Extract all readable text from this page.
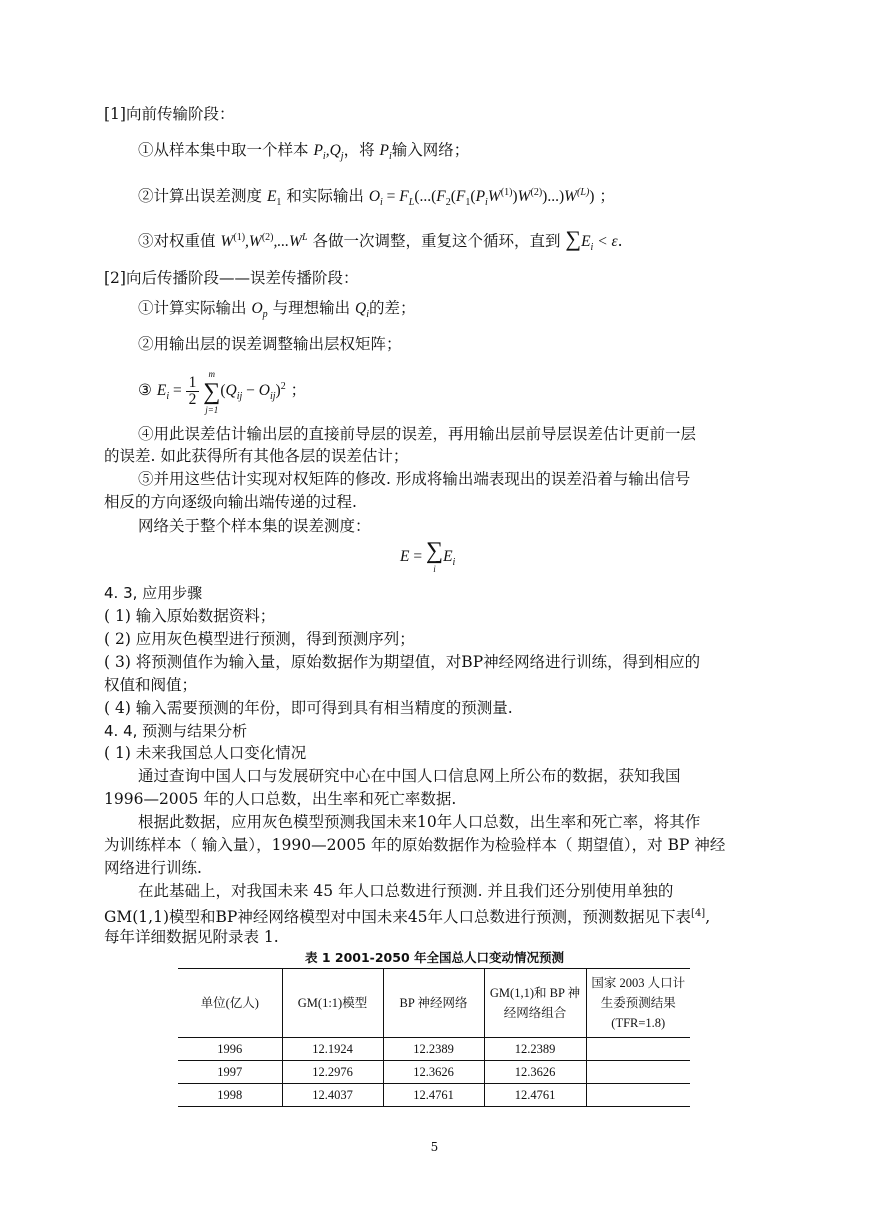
[1]向前传输阶段：
①从样本集中取一个样本 $P_i,Q_j$，将 $P_i$输入网络；
②计算出误差测度 $E_1$ 和实际输出 $O_i = F_L(...(F_2(F_1(P_iW^{(1)})W^{(2)})...)W^{(L)})$ ；
③对权重值 $W^{(1)},W^{(2)},...W^L$ 各做一次调整，重复这个循环，直到 $\sum E_i < \varepsilon$.
[2]向后传播阶段——误差传播阶段：
①计算实际输出 $O_p$ 与理想输出 $Q_i$的差；
②用输出层的误差调整输出层权矩阵；
③ $E_i = \frac{1}{2}$

m
∑
j=1
$(Q_{ij} - O_{ij})^2$ ；
④用此误差估计输出层的直接前导层的误差，再用输出层前导层误差估计更前一层
的误差. 如此获得所有其他各层的误差估计；
⑤并用这些估计实现对权矩阵的修改. 形成将输出端表现出的误差沿着与输出信号
相反的方向逐级向输出端传递的过程.
网络关于整个样本集的误差测度：
E = ∑
i
$E_i$
4. 3, 应用步骤
( 1) 输入原始数据资料；
( 2) 应用灰色模型进行预测，得到预测序列；
( 3) 将预测值作为输入量，原始数据作为期望值，对BP神经网络进行训练，得到相应的
权值和阀值；
( 4) 输入需要预测的年份，即可得到具有相当精度的预测量.
4. 4, 预测与结果分析
( 1) 未来我国总人口变化情况
通过查询中国人口与发展研究中心在中国人口信息网上所公布的数据，获知我国
1996—2005 年的人口总数，出生率和死亡率数据.
根据此数据，应用灰色模型预测我国未来10年人口总数，出生率和死亡率，将其作
为训练样本（ 输入量），1990—2005 年的原始数据作为检验样本（ 期望值），对 BP 神经
网络进行训练.
在此基础上，对我国未来 45 年人口总数进行预测. 并且我们还分别使用单独的
GM(1,1)模型和BP神经网络模型对中国未来45年人口总数进行预测，预测数据见下表[4],
每年详细数据见附录表 1.
表 1 2001-2050 年全国总人口变动情况预测
单位(亿人)	GM(1:1)模型	BP 神经网络	GM(1,1)和 BP 神经网络组合	国家 2003 人口计生委预测结果(TFR=1.8)
1996	12.1924	12.2389	12.2389	
1997	12.2976	12.3626	12.3626	
1998	12.4037	12.4761	12.4761	
5
